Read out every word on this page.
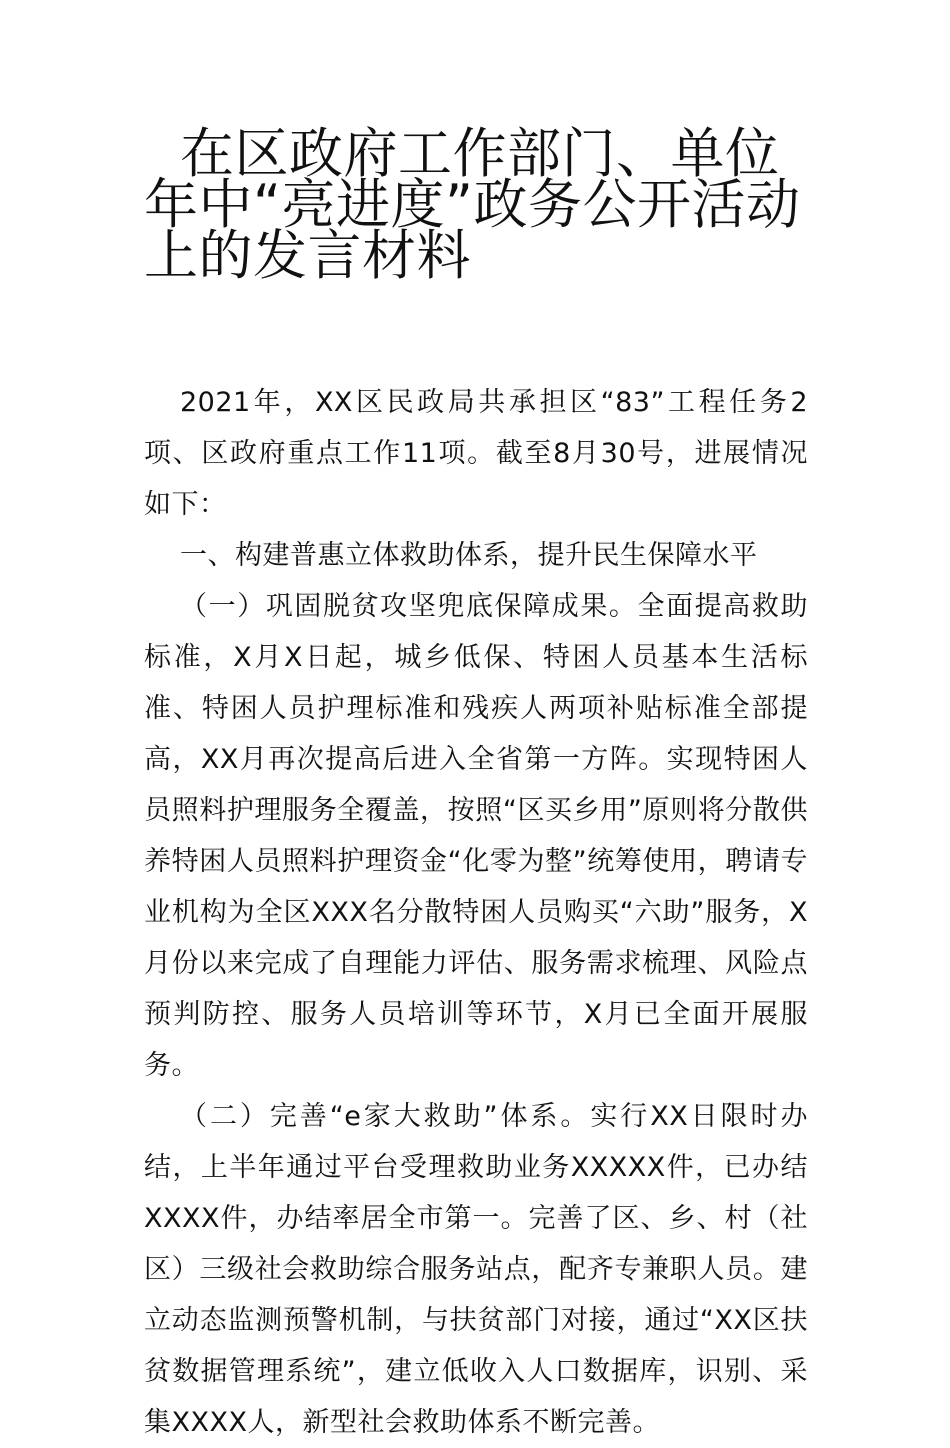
在区政府工作部门、单位年中“亮进度”政务公开活动上的发言材料

2021年，XX区民政局共承担区“83”工程任务2项、区政府重点工作11项。截至8月30号，进展情况如下：

一、构建普惠立体救助体系，提升民生保障水平

（一）巩固脱贫攻坚兜底保障成果。全面提高救助标准，X月X日起，城乡低保、特困人员基本生活标准、特困人员护理标准和残疾人两项补贴标准全部提高，XX月再次提高后进入全省第一方阵。实现特困人员照料护理服务全覆盖，按照“区买乡用”原则将分散供养特困人员照料护理资金“化零为整”统筹使用，聘请专业机构为全区XXX名分散特困人员购买“六助”服务，X月份以来完成了自理能力评估、服务需求梳理、风险点预判防控、服务人员培训等环节，X月已全面开展服务。

（二）完善“e家大救助”体系。实行XX日限时办结，上半年通过平台受理救助业务XXXXX件，已办结XXXX件，办结率居全市第一。完善了区、乡、村（社区）三级社会救助综合服务站点，配齐专兼职人员。建立动态监测预警机制，与扶贫部门对接，通过“XX区扶贫数据管理系统”，建立低收入人口数据库，识别、采集XXXX人，新型社会救助体系不断完善。
